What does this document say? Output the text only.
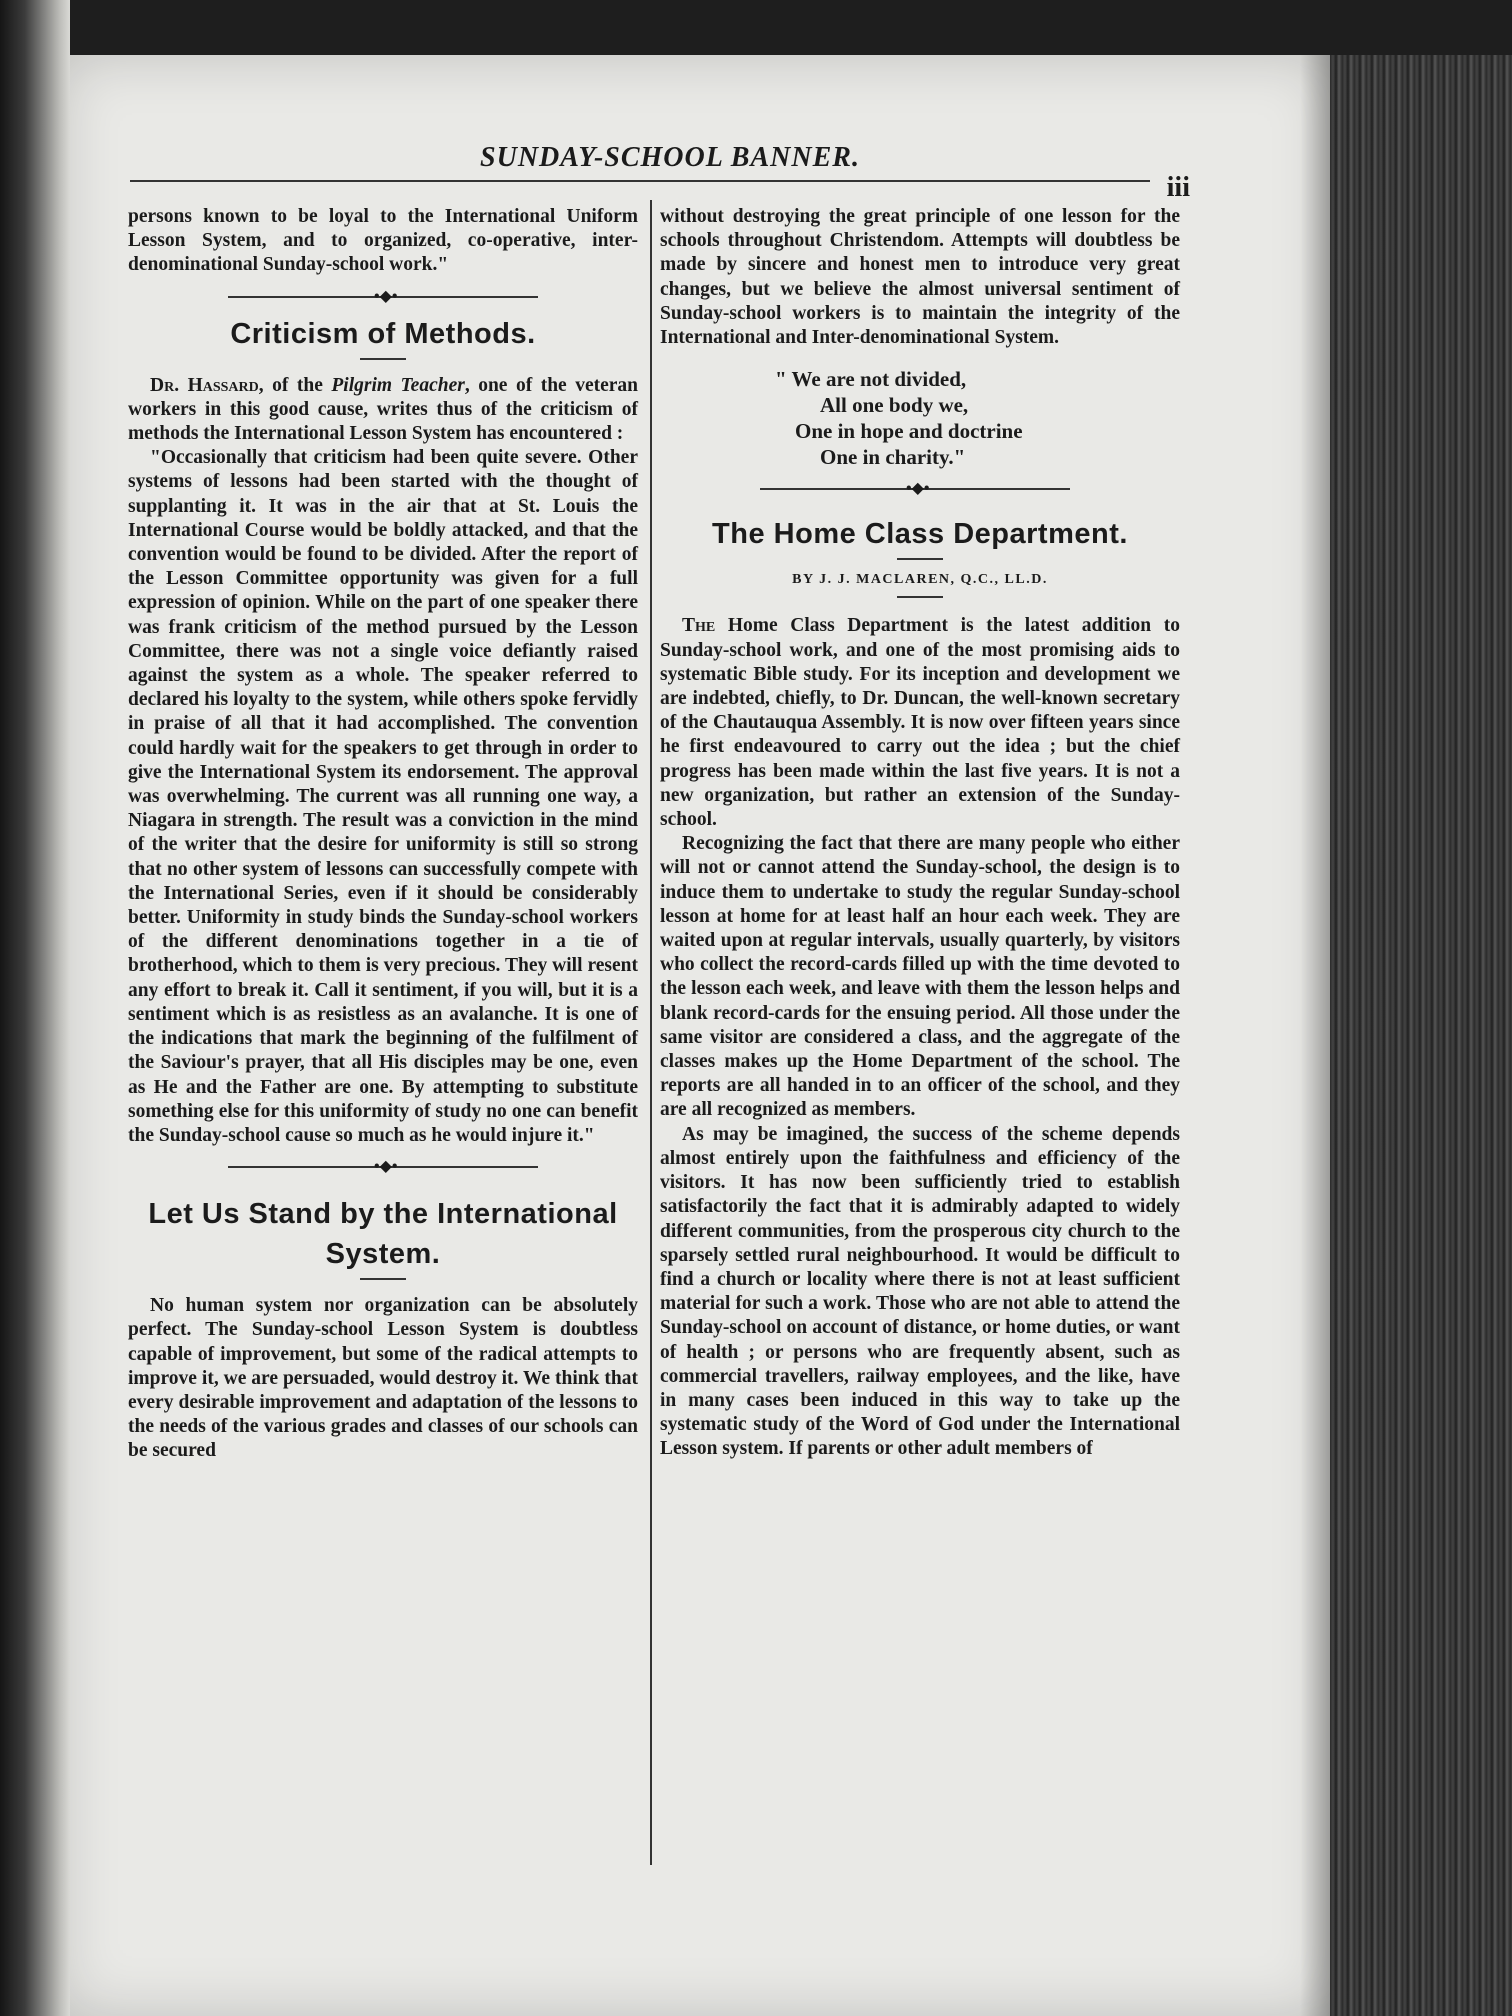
SUNDAY-SCHOOL BANNER.
iii

persons known to be loyal to the International Uniform Lesson System, and to organized, co-operative, inter-denominational Sunday-school work."

•◆•
Criticism of Methods.

Dr. Hassard, of the Pilgrim Teacher, one of the veteran workers in this good cause, writes thus of the criticism of methods the International Lesson System has encountered :

"Occasionally that criticism had been quite severe. Other systems of lessons had been started with the thought of supplanting it. It was in the air that at St. Louis the International Course would be boldly attacked, and that the convention would be found to be divided. After the report of the Lesson Committee opportunity was given for a full expression of opinion. While on the part of one speaker there was frank criticism of the method pursued by the Lesson Committee, there was not a single voice defiantly raised against the system as a whole. The speaker referred to declared his loyalty to the system, while others spoke fervidly in praise of all that it had accomplished. The convention could hardly wait for the speakers to get through in order to give the International System its endorsement. The approval was overwhelming. The current was all running one way, a Niagara in strength. The result was a conviction in the mind of the writer that the desire for uniformity is still so strong that no other system of lessons can successfully compete with the International Series, even if it should be considerably better. Uniformity in study binds the Sunday-school workers of the different denominations together in a tie of brotherhood, which to them is very precious. They will resent any effort to break it. Call it sentiment, if you will, but it is a sentiment which is as resistless as an avalanche. It is one of the indications that mark the beginning of the fulfilment of the Saviour's prayer, that all His disciples may be one, even as He and the Father are one. By attempting to substitute something else for this uniformity of study no one can benefit the Sunday-school cause so much as he would injure it."

•◆•
Let Us Stand by the International
System.

No human system nor organization can be absolutely perfect. The Sunday-school Lesson System is doubtless capable of improvement, but some of the radical attempts to improve it, we are persuaded, would destroy it. We think that every desirable improvement and adaptation of the lessons to the needs of the various grades and classes of our schools can be secured

without destroying the great principle of one lesson for the schools throughout Christendom. Attempts will doubtless be made by sincere and honest men to introduce very great changes, but we believe the almost universal sentiment of Sunday-school workers is to maintain the integrity of the International and Inter-denominational System.

" We are not divided,
All one body we,
One in hope and doctrine
One in charity."
•◆•
The Home Class Department.
BY J. J. MACLAREN, Q.C., LL.D.

The Home Class Department is the latest addition to Sunday-school work, and one of the most promising aids to systematic Bible study. For its inception and development we are indebted, chiefly, to Dr. Duncan, the well-known secretary of the Chautauqua Assembly. It is now over fifteen years since he first endeavoured to carry out the idea ; but the chief progress has been made within the last five years. It is not a new organization, but rather an extension of the Sunday-school.

Recognizing the fact that there are many people who either will not or cannot attend the Sunday-school, the design is to induce them to undertake to study the regular Sunday-school lesson at home for at least half an hour each week. They are waited upon at regular intervals, usually quarterly, by visitors who collect the record-cards filled up with the time devoted to the lesson each week, and leave with them the lesson helps and blank record-cards for the ensuing period. All those under the same visitor are considered a class, and the aggregate of the classes makes up the Home Department of the school. The reports are all handed in to an officer of the school, and they are all recognized as members.

As may be imagined, the success of the scheme depends almost entirely upon the faithfulness and efficiency of the visitors. It has now been sufficiently tried to establish satisfactorily the fact that it is admirably adapted to widely different communities, from the prosperous city church to the sparsely settled rural neighbourhood. It would be difficult to find a church or locality where there is not at least sufficient material for such a work. Those who are not able to attend the Sunday-school on account of distance, or home duties, or want of health ; or persons who are frequently absent, such as commercial travellers, railway employees, and the like, have in many cases been induced in this way to take up the systematic study of the Word of God under the International Lesson system. If parents or other adult members of
